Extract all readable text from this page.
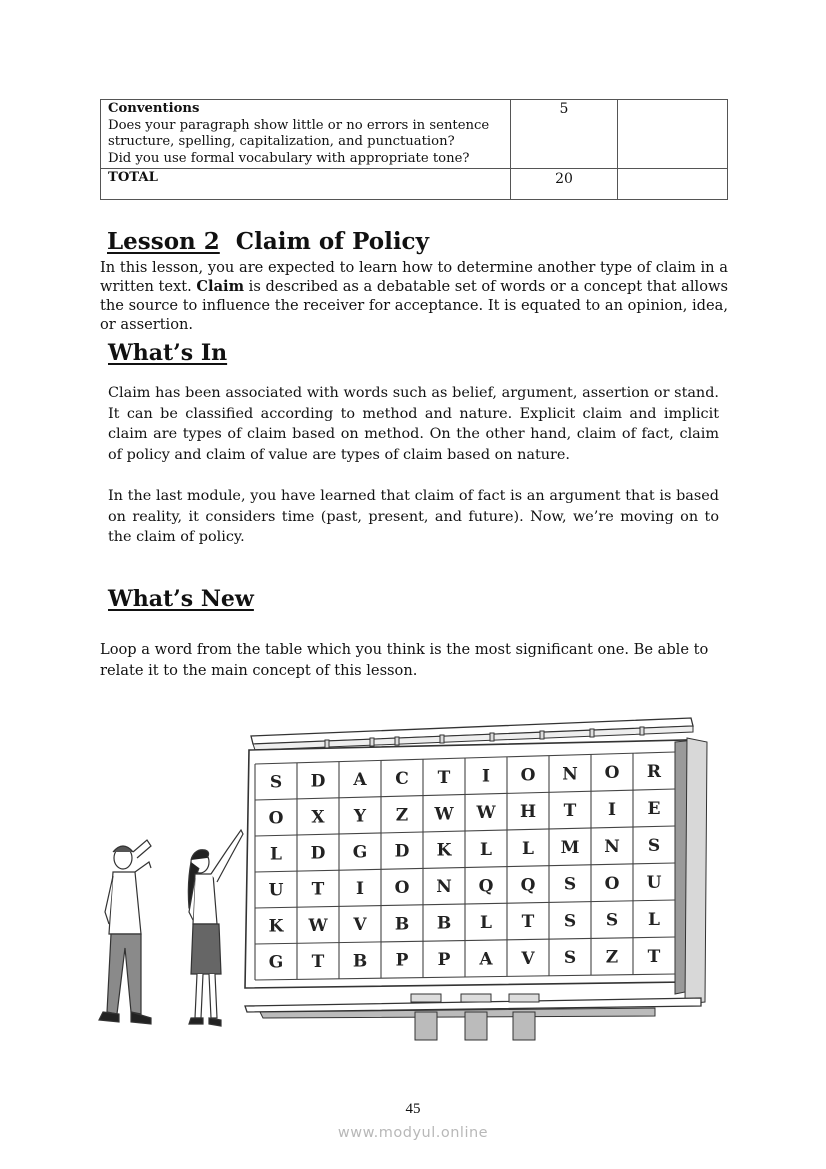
Conventions
Does your paragraph show little or no errors in sentence
structure, spelling, capitalization, and punctuation?
Did you use formal vocabulary with appropriate tone?	5	
TOTAL	20	
Lesson 2 Claim of Policy
In this lesson, you are expected to learn how to determine another type of claim in a written text. Claim is described as a debatable set of words or a concept that allows the source to influence the receiver for acceptance. It is equated to an opinion, idea, or assertion.
What’s In
Claim has been associated with words such as belief, argument, assertion or stand. It can be classified according to method and nature. Explicit claim and implicit claim are types of claim based on method. On the other hand, claim of fact, claim of policy and claim of value are types of claim based on nature.
In the last module, you have learned that claim of fact is an argument that is based on reality, it considers time (past, present, and future). Now, we’re moving on to the claim of policy.
What’s New
Loop a word from the table which you think is the most significant one. Be able to
relate it to the main concept of this lesson.
S D A C T I O N O R
O X Y Z W W H T I E
L D G D K L L M N S
U T I O N Q Q S O U
K W V B B L T S S L
G T B P P A V S Z T
45
www.modyul.online
